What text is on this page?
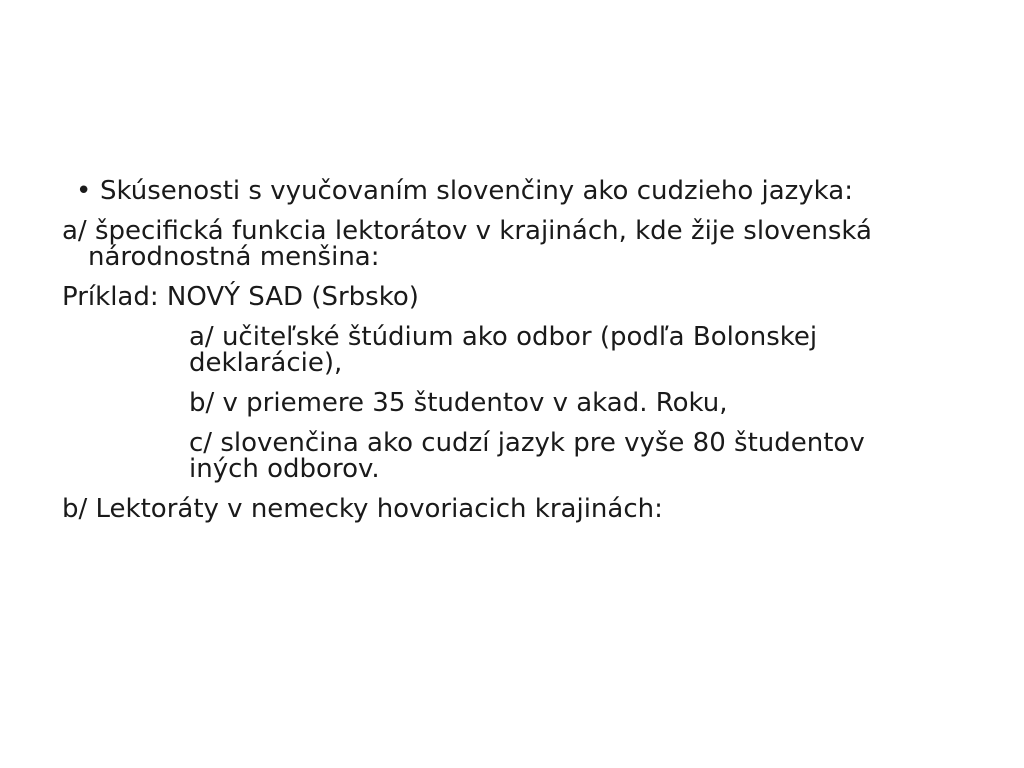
• Skúsenosti s vyučovaním slovenčiny ako cudzieho jazyka:

a/ špecifická funkcia lektorátov v krajinách, kde žije slovenská

národnostná menšina:

Príklad: NOVÝ SAD (Srbsko)

a/ učiteľské štúdium ako odbor (podľa Bolonskej

deklarácie),

b/ v priemere 35 študentov v akad. Roku,

c/ slovenčina ako cudzí jazyk pre vyše 80 študentov

iných odborov.

b/ Lektoráty v nemecky hovoriacich krajinách:
